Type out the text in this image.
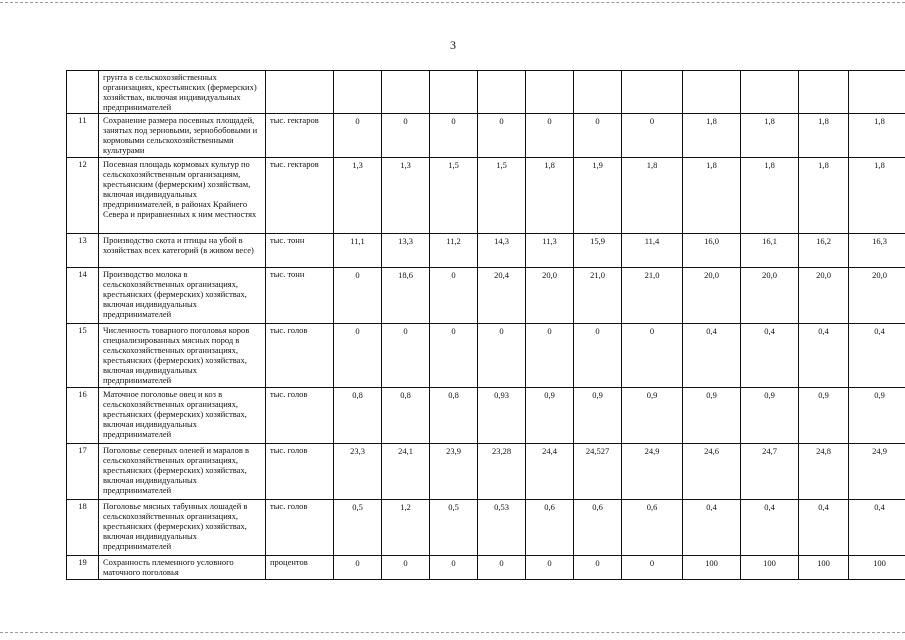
3
	грунта в сельскохозяйственных организациях, крестьянских (фермерских) хозяйствах, включая индивидуальных предпринимателей												
11	Сохранение размера посевных площадей, занятых под зерновыми, зернобобовыми и кормовыми сельскохозяйственными культурами	тыс. гектаров	0	0	0	0	0	0	0	1,8	1,8	1,8	1,8
12	Посевная площадь кормовых культур по сельскохозяйственным организациям, крестьянским (фермерским) хозяйствам, включая индивидуальных предпринимателей, в районах Крайнего Севера и приравненных к ним местностях	тыс. гектаров	1,3	1,3	1,5	1,5	1,8	1,9	1,8	1,8	1,8	1,8	1,8
13	Производство скота и птицы на убой в хозяйствах всех категорий (в живом весе)	тыс. тонн	11,1	13,3	11,2	14,3	11,3	15,9	11,4	16,0	16,1	16,2	16,3
14	Производство молока в сельскохозяйственных организациях, крестьянских (фермерских) хозяйствах, включая индивидуальных предпринимателей	тыс. тонн	0	18,6	0	20,4	20,0	21,0	21,0	20,0	20,0	20,0	20,0
15	Численность товарного поголовья коров специализированных мясных пород в сельскохозяйственных организациях, крестьянских (фермерских) хозяйствах, включая индивидуальных предпринимателей	тыс. голов	0	0	0	0	0	0	0	0,4	0,4	0,4	0,4
16	Маточное поголовье овец и коз в сельскохозяйственных организациях, крестьянских (фермерских) хозяйствах, включая индивидуальных предпринимателей	тыс. голов	0,8	0,8	0,8	0,93	0,9	0,9	0,9	0,9	0,9	0,9	0,9
17	Поголовье северных оленей и маралов в сельскохозяйственных организациях, крестьянских (фермерских) хозяйствах, включая индивидуальных предпринимателей	тыс. голов	23,3	24,1	23,9	23,28	24,4	24,527	24,9	24,6	24,7	24,8	24,9
18	Поголовье мясных табунных лошадей в сельскохозяйственных организациях, крестьянских (фермерских) хозяйствах, включая индивидуальных предпринимателей	тыс. голов	0,5	1,2	0,5	0,53	0,6	0,6	0,6	0,4	0,4	0,4	0,4
19	Сохранность племенного условного маточного поголовья	процентов	0	0	0	0	0	0	0	100	100	100	100
